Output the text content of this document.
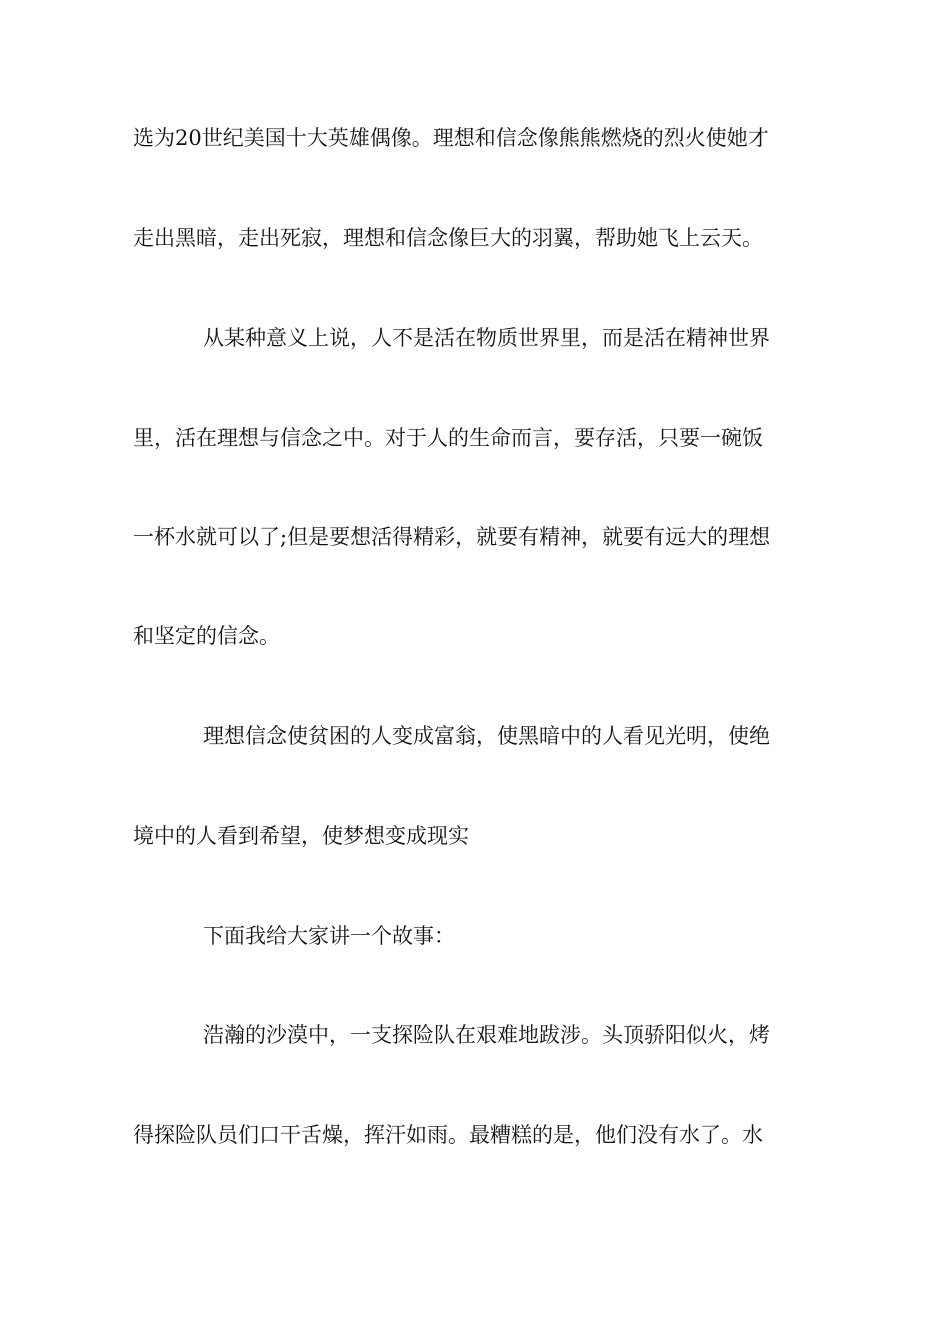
选为20世纪美国十大英雄偶像。理想和信念像熊熊燃烧的烈火使她才
走出黑暗，走出死寂，理想和信念像巨大的羽翼，帮助她飞上云天。
从某种意义上说，人不是活在物质世界里，而是活在精神世界
里，活在理想与信念之中。对于人的生命而言，要存活，只要一碗饭
一杯水就可以了;但是要想活得精彩，就要有精神，就要有远大的理想
和坚定的信念。
理想信念使贫困的人变成富翁，使黑暗中的人看见光明，使绝
境中的人看到希望，使梦想变成现实
下面我给大家讲一个故事：
浩瀚的沙漠中，一支探险队在艰难地跋涉。头顶骄阳似火，烤
得探险队员们口干舌燥，挥汗如雨。最糟糕的是，他们没有水了。水
